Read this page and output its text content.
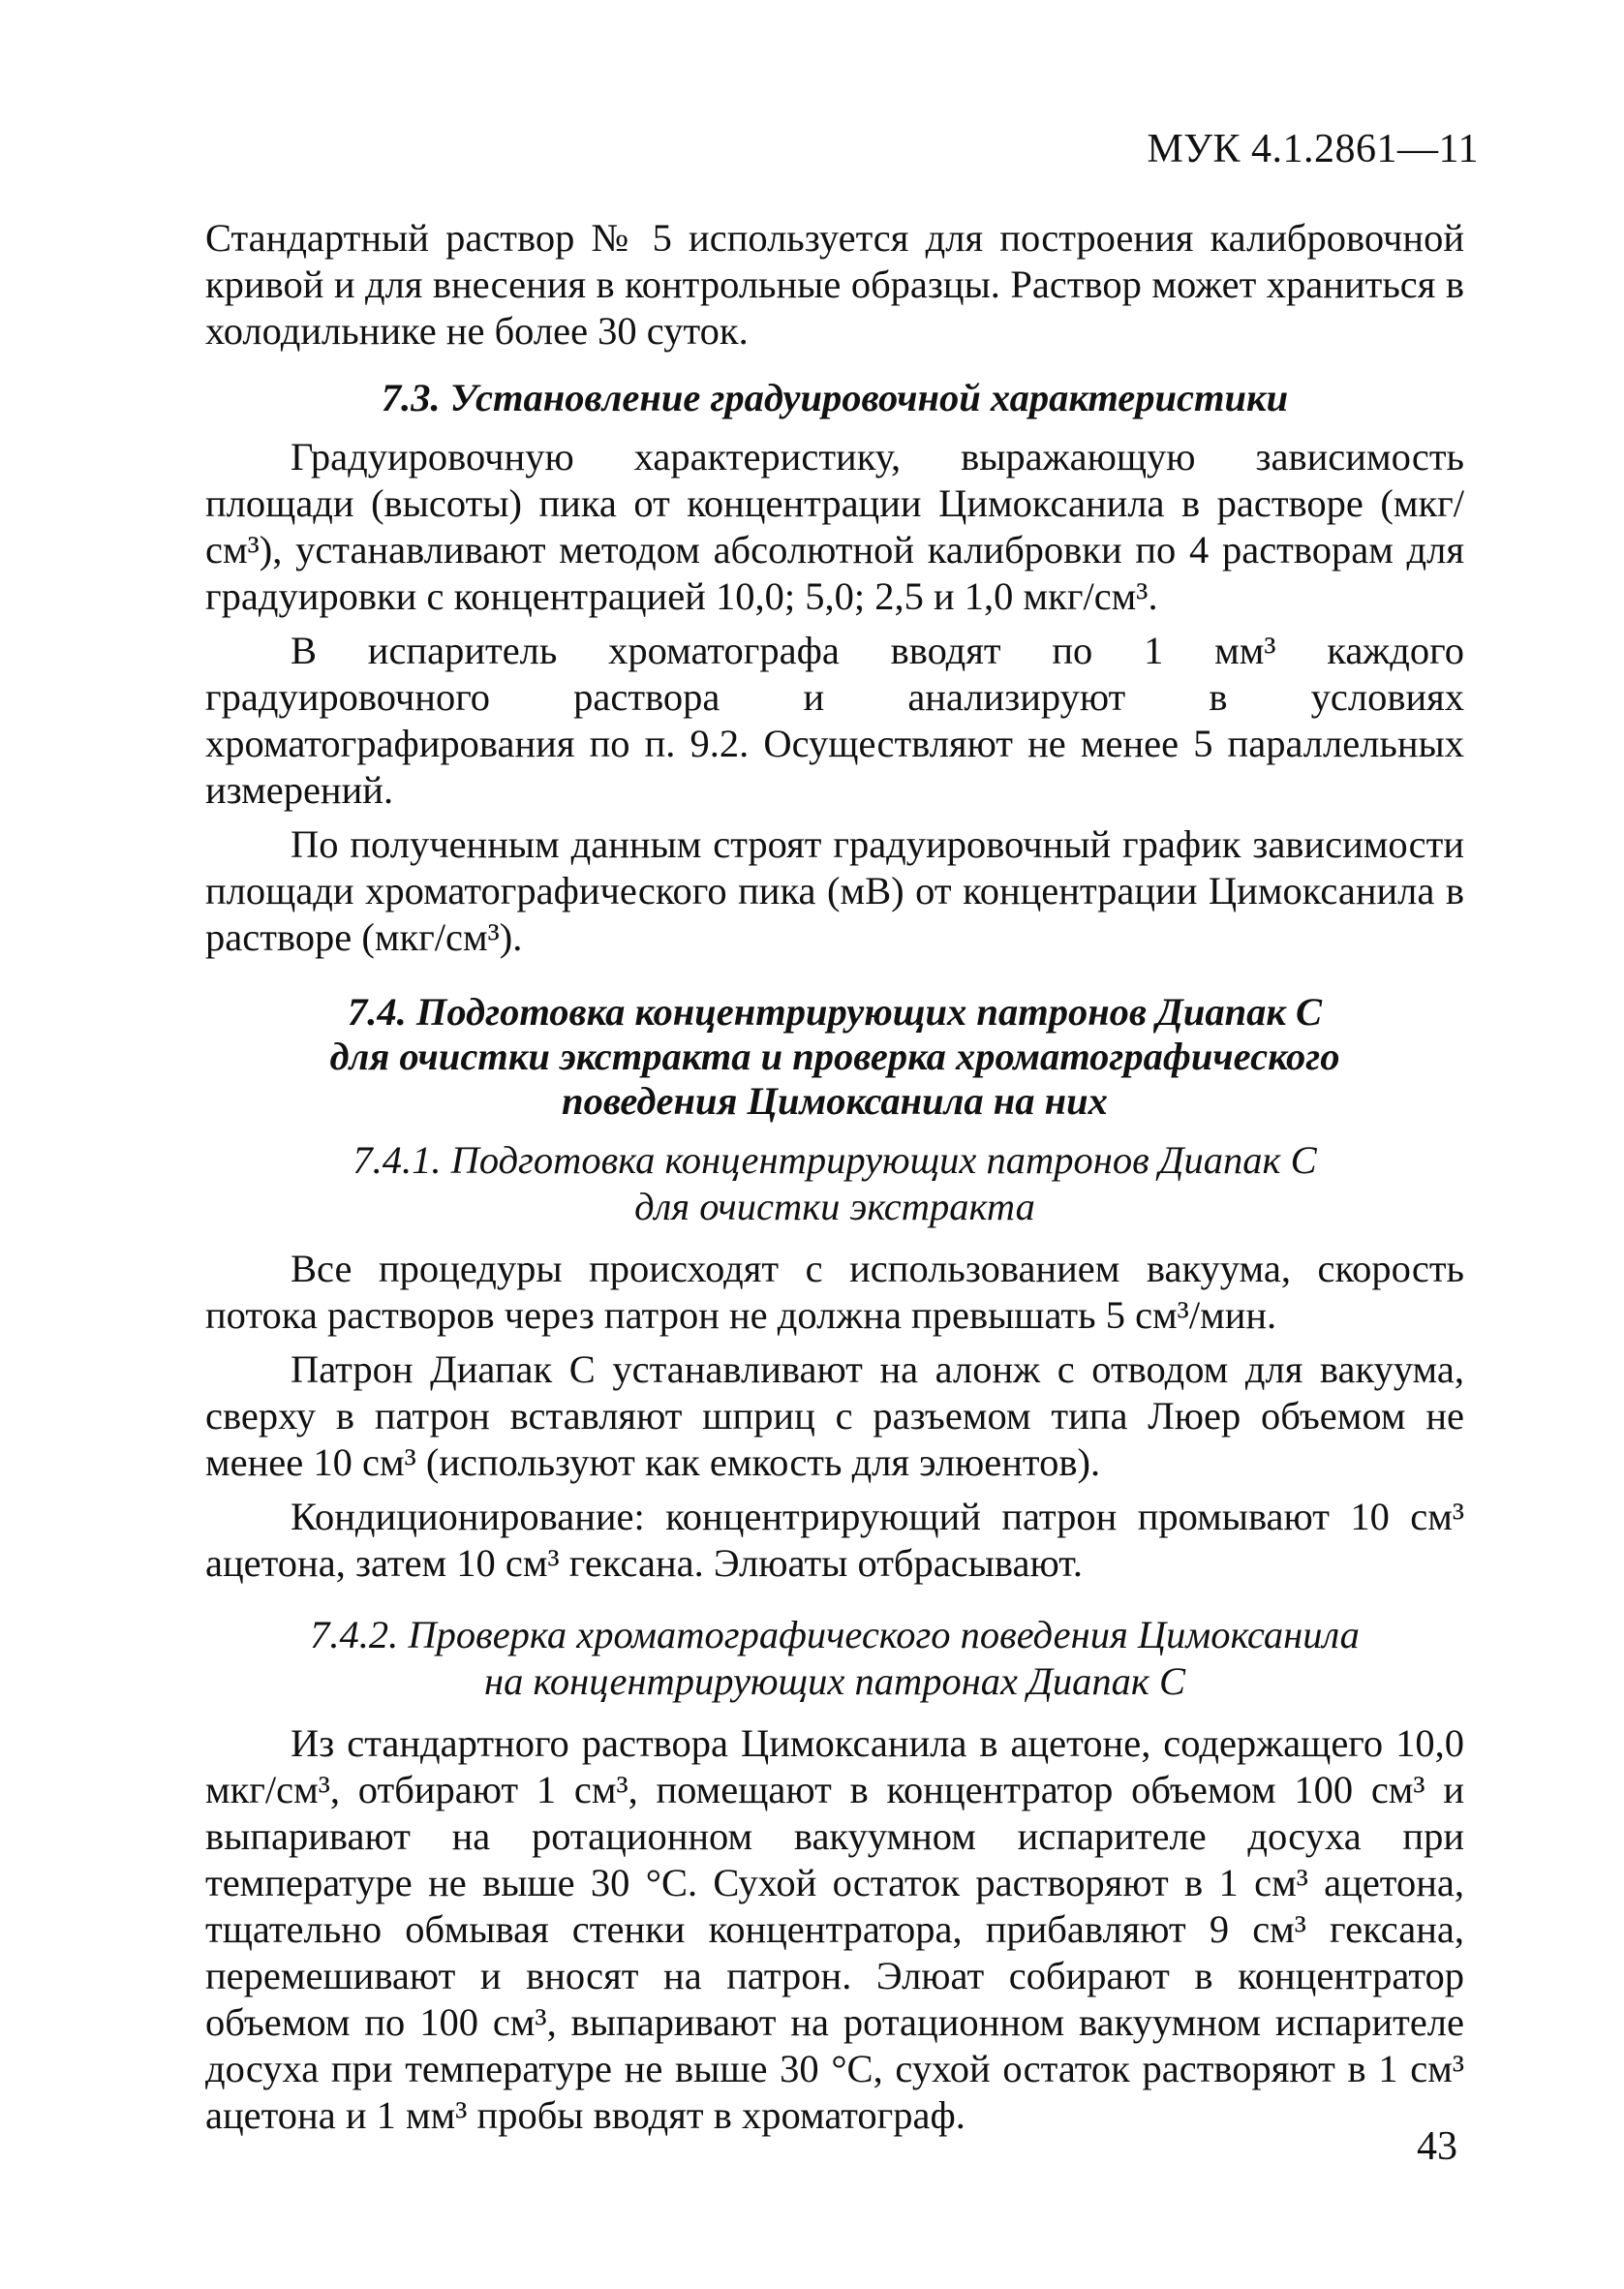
МУК 4.1.2861—11

Стандартный раствор № 5 используется для построения калибровочной кривой и для внесения в контрольные образцы. Раствор может храниться в холодильнике не более 30 суток.

7.3. Установление градуировочной характеристики

Градуировочную характеристику, выражающую зависимость площади (высоты) пика от концентрации Цимоксанила в растворе (мкг/см³), устанавливают методом абсолютной калибровки по 4 растворам для градуировки с концентрацией 10,0; 5,0; 2,5 и 1,0 мкг/см³.

В испаритель хроматографа вводят по 1 мм³ каждого градуировочного раствора и анализируют в условиях хроматографирования по п. 9.2. Осуществляют не менее 5 параллельных измерений.

По полученным данным строят градуировочный график зависимости площади хроматографического пика (мВ) от концентрации Цимоксанила в растворе (мкг/см³).

7.4. Подготовка концентрирующих патронов Диапак С
для очистки экстракта и проверка хроматографического
поведения Цимоксанила на них
7.4.1. Подготовка концентрирующих патронов Диапак С
для очистки экстракта

Все процедуры происходят с использованием вакуума, скорость потока растворов через патрон не должна превышать 5 см³/мин.

Патрон Диапак С устанавливают на алонж с отводом для вакуума, сверху в патрон вставляют шприц с разъемом типа Люер объемом не менее 10 см³ (используют как емкость для элюентов).

Кондиционирование: концентрирующий патрон промывают 10 см³ ацетона, затем 10 см³ гексана. Элюаты отбрасывают.

7.4.2. Проверка хроматографического поведения Цимоксанила
на концентрирующих патронах Диапак С

Из стандартного раствора Цимоксанила в ацетоне, содержащего 10,0 мкг/см³, отбирают 1 см³, помещают в концентратор объемом 100 см³ и выпаривают на ротационном вакуумном испарителе досуха при температуре не выше 30 °С. Сухой остаток растворяют в 1 см³ ацетона, тщательно обмывая стенки концентратора, прибавляют 9 см³ гексана, перемешивают и вносят на патрон. Элюат собирают в концентратор объемом по 100 см³, выпаривают на ротационном вакуумном испарителе досуха при температуре не выше 30 °С, сухой остаток растворяют в 1 см³ ацетона и 1 мм³ пробы вводят в хроматограф.

43
